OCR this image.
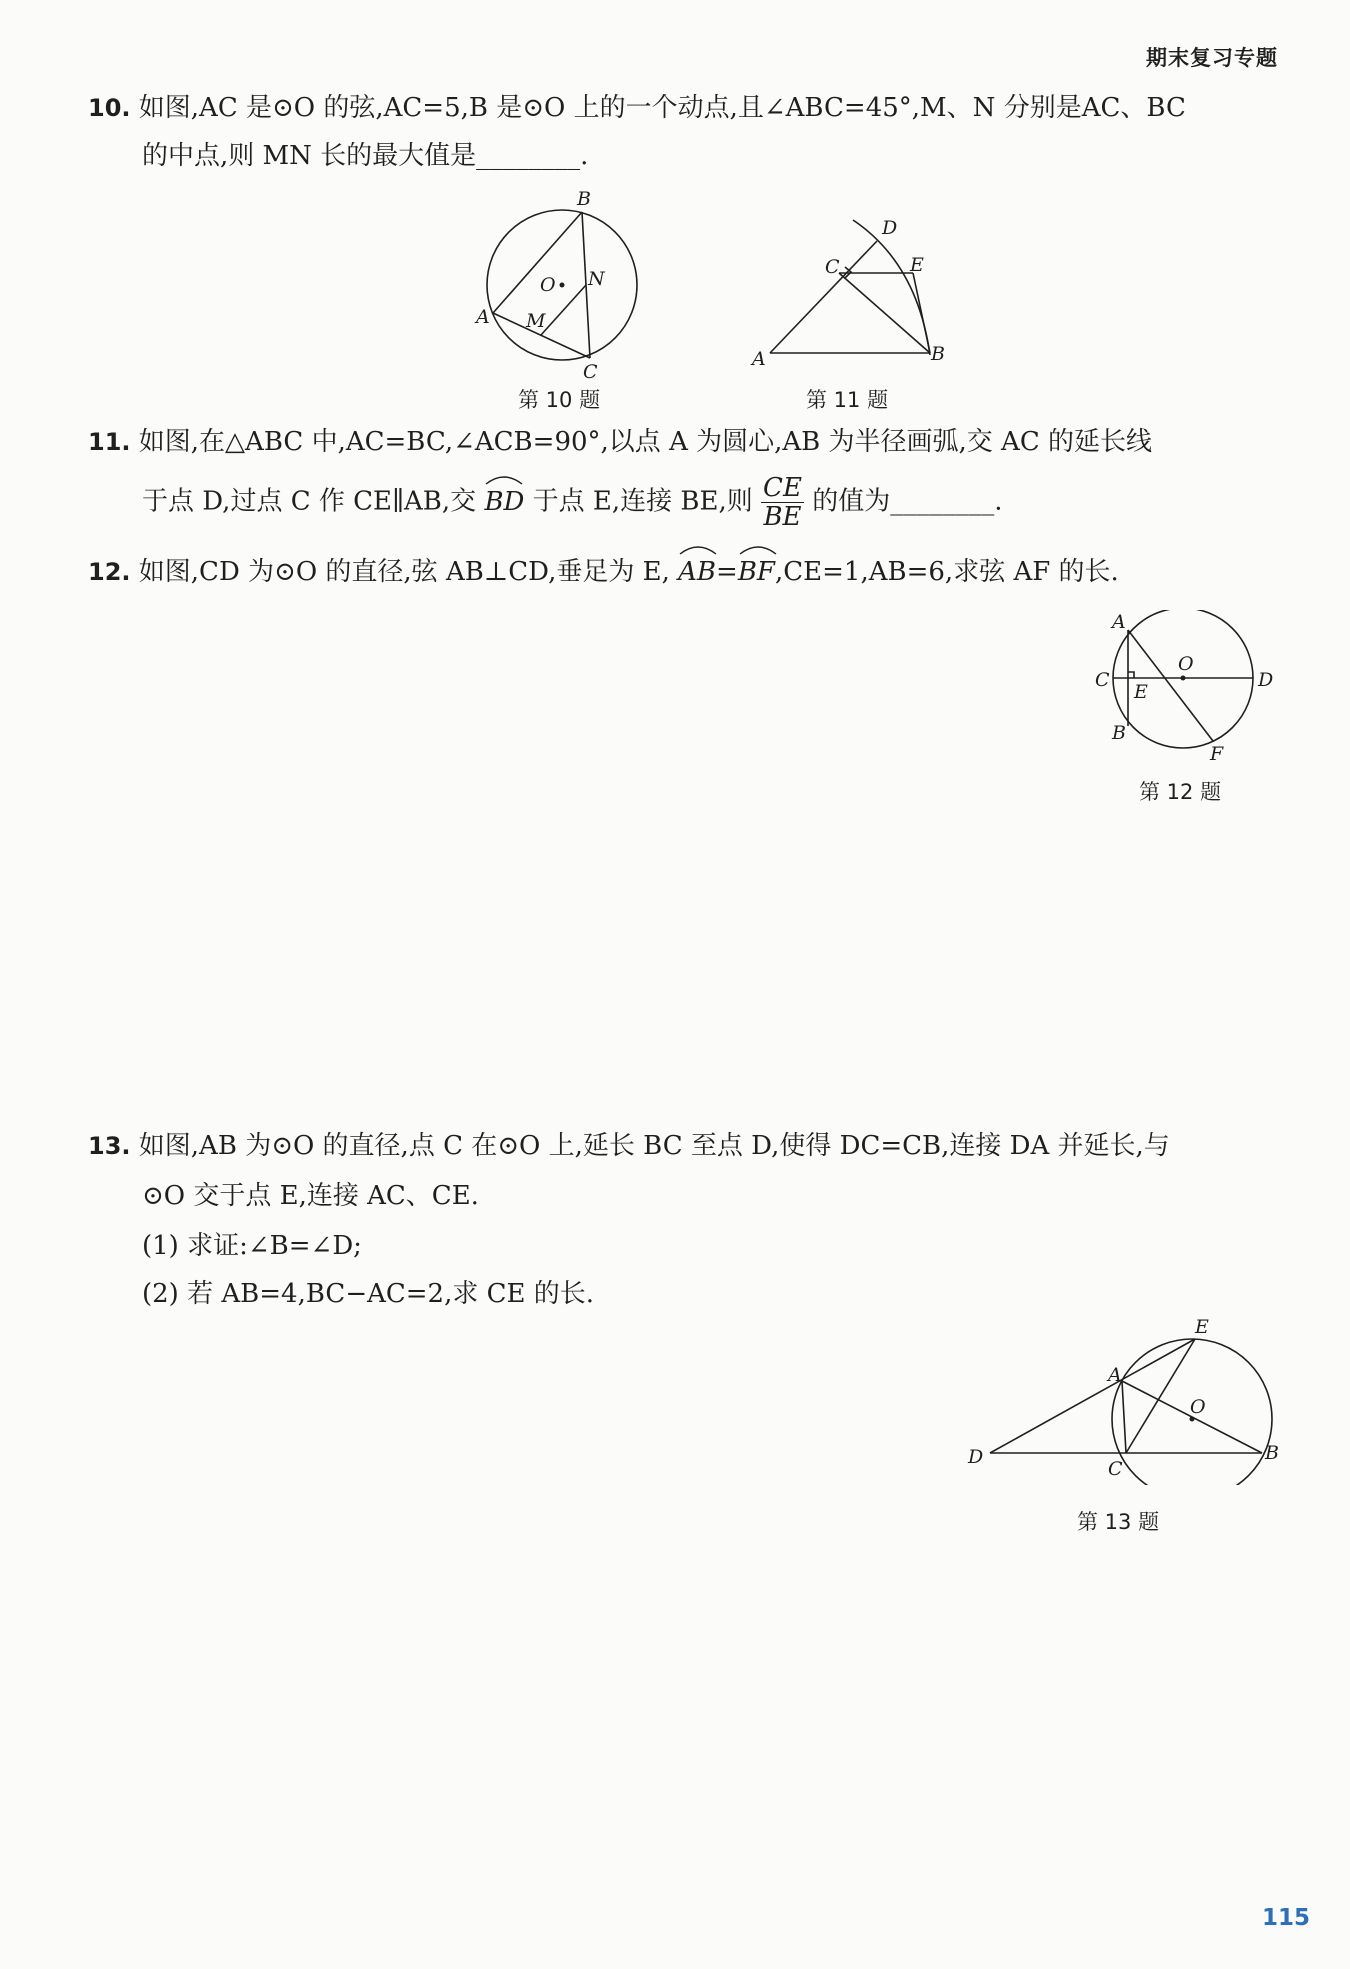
期末复习专题
10. 如图,AC 是⊙O 的弦,AC=5,B 是⊙O 上的一个动点,且∠ABC=45°,M、N 分别是AC、BC
的中点,则 MN 长的最大值是________.
A
B
C
O
M
N
第 10 题
A	B
C
D
E
第 11 题
11. 如图,在△ABC 中,AC=BC,∠ACB=90°,以点 A 为圆心,AB 为半径画弧,交 AC 的延长线
于点 D,过点 C 作 CE∥AB,交 BD 于点 E,连接 BE,则 $\frac{CE}{BE}$ 的值为________.
12. 如图,CD 为⊙O 的直径,弦 AB⊥CD,垂足为 E, AB=
BF,CE=1,AB=6,求弦 AF 的长.
A
B
C	D
E
F
O
第 12 题
13. 如图,AB 为⊙O 的直径,点 C 在⊙O 上,延长 BC 至点 D,使得 DC=CB,连接 DA 并延长,与
⊙O 交于点 E,连接 AC、CE.
(1) 求证:∠B=∠D;
(2) 若 AB=4,BC−AC=2,求 CE 的长.
A
B
C
D
E
O
第 13 题
115
